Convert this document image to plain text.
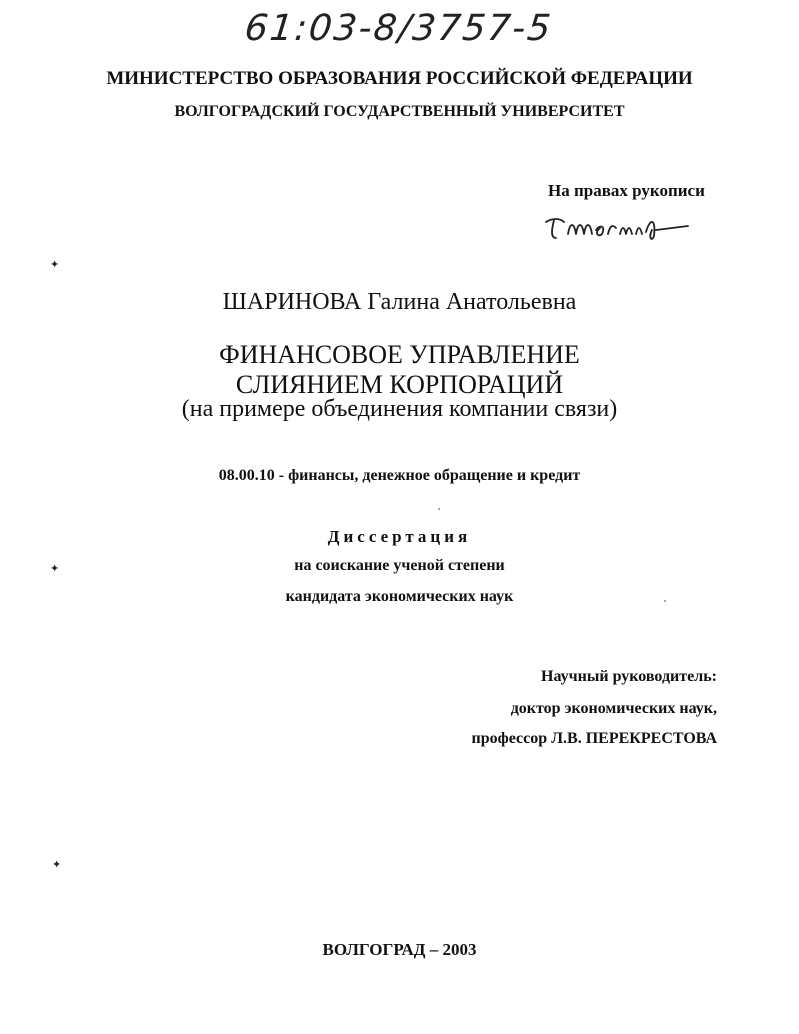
61:03-8/3757-5
МИНИСТЕРСТВО ОБРАЗОВАНИЯ РОССИЙСКОЙ ФЕДЕРАЦИИ
ВОЛГОГРАДСКИЙ ГОСУДАРСТВЕННЫЙ УНИВЕРСИТЕТ
На правах рукописи
ШАРИНОВА Галина Анатольевна
ФИНАНСОВОЕ УПРАВЛЕНИЕ
СЛИЯНИЕМ КОРПОРАЦИЙ
(на примере объединения компании связи)
08.00.10 - финансы, денежное обращение и кредит
Диссертация
на соискание ученой степени
кандидата экономических наук
Научный руководитель:
доктор экономических наук,
профессор Л.В. ПЕРЕКРЕСТОВА
ВОЛГОГРАД – 2003
✦
✦
✦
